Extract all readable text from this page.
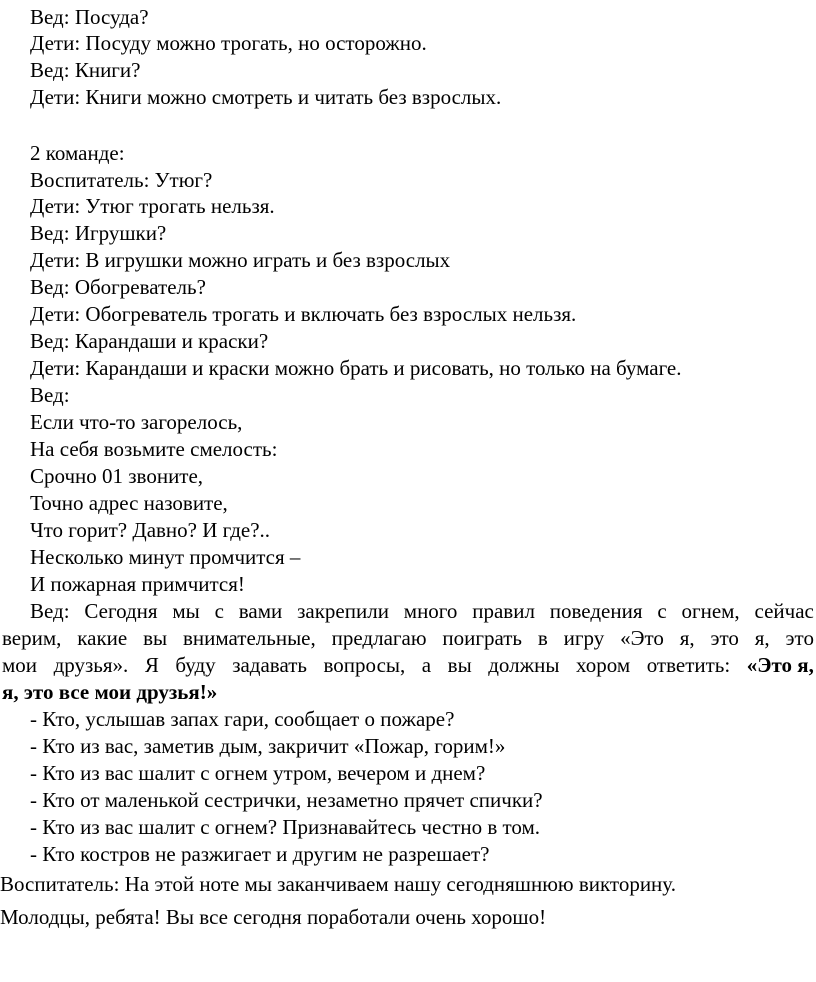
Вед: Посуда?
Дети: Посуду можно трогать, но осторожно.
Вед: Книги?
Дети: Книги можно смотреть и читать без взрослых.
2 команде:
Воспитатель: Утюг?
Дети: Утюг трогать нельзя.
Вед: Игрушки?
Дети: В игрушки можно играть и без взрослых
Вед: Обогреватель?
Дети: Обогреватель трогать и включать без взрослых нельзя.
Вед: Карандаши и краски?
Дети: Карандаши и краски можно брать и рисовать, но только на бумаге.
Вед:
Если что-то загорелось,
На себя возьмите смелость:
Срочно 01 звоните,
Точно адрес назовите,
Что горит? Давно? И где?..
Несколько минут промчится –
И пожарная примчится!
Вед: Сегодня мы с вами закрепили много правил поведения с огнем, сейчас
верим, какие вы внимательные, предлагаю поиграть в игру «Это я, это я, это
мои друзья». Я буду задавать вопросы, а вы должны хором ответить: «Это я,
я, это все мои друзья!»
- Кто, услышав запах гари, сообщает о пожаре?
- Кто из вас, заметив дым, закричит «Пожар, горим!»
- Кто из вас шалит с огнем утром, вечером и днем?
- Кто от маленькой сестрички, незаметно прячет спички?
- Кто из вас шалит с огнем? Признавайтесь честно в том.
- Кто костров не разжигает и другим не разрешает?
Воспитатель: На этой ноте мы заканчиваем нашу сегодняшнюю викторину.
Молодцы, ребята! Вы все сегодня поработали очень хорошо!
